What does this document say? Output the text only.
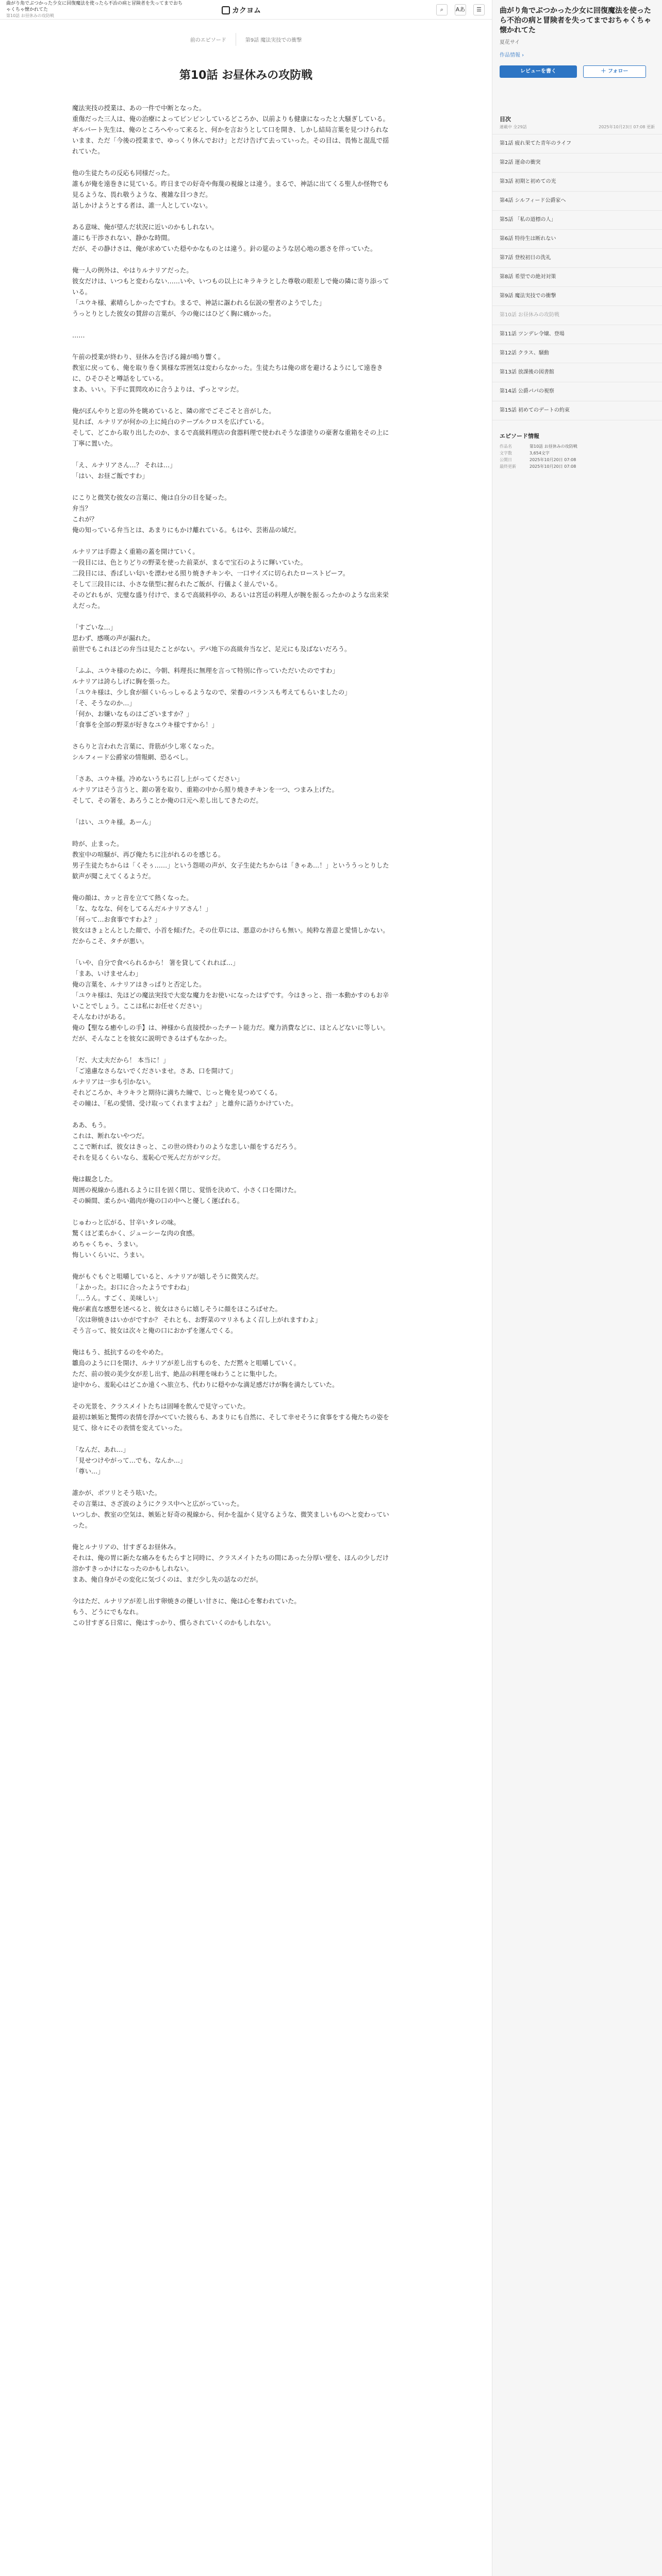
曲がり角でぶつかった少女に回復魔法を使ったら不治の病と冒険者を失ってまでおちゃくちゃ懐かれてた
第10話 お昼休みの攻防戦
カクヨム	⌕	Aあ	☰
前のエピソード	第9話 魔法実技での衝撃
第10話 お昼休みの攻防戦

魔法実技の授業は、あの一件で中断となった。
重傷だった三人は、俺の治療によってピンピンしているどころか、以前よりも健康になったと大騒ぎしている。
ギルバート先生は、俺のところへやって来ると、何かを言おうとして口を開き、しかし結局言葉を見つけられないまま、ただ「今後の授業まで、ゆっくり休んでおけ」とだけ告げて去っていった。その目は、畏怖と混乱で揺れていた。

他の生徒たちの反応も同様だった。
誰もが俺を遠巻きに見ている。昨日までの好奇や侮蔑の視線とは違う。まるで、神話に出てくる聖人か怪物でも見るような、畏れ敬うような、複雑な目つきだ。
話しかけようとする者は、誰一人としていない。

ある意味、俺が望んだ状況に近いのかもしれない。
誰にも干渉されない、静かな時間。
だが、その静けさは、俺が求めていた穏やかなものとは違う。針の筵のような居心地の悪さを伴っていた。

俺一人の例外は、やはりルナリアだった。
彼女だけは、いつもと変わらない……いや、いつもの以上にキラキラとした尊敬の眼差しで俺の隣に寄り添っている。
「ユウキ様、素晴らしかったですわ。まるで、神話に謳われる伝説の聖者のようでした」
うっとりとした彼女の賛辞の言葉が、今の俺にはひどく胸に痛かった。

……

午前の授業が終わり、昼休みを告げる鐘が鳴り響く。
教室に戻っても、俺を取り巻く異様な雰囲気は変わらなかった。生徒たちは俺の席を避けるようにして遠巻きに、ひそひそと噂話をしている。
まあ、いい。下手に質問攻めに合うよりは、ずっとマシだ。

俺がぼんやりと窓の外を眺めていると、隣の席でごそごそと音がした。
見れば、ルナリアが何かの上に純白のテーブルクロスを広げている。
そして、どこから取り出したのか、まるで高級料理店の食器料理で使われそうな漆塗りの豪奢な重箱をその上に丁寧に置いた。

「え、ルナリアさん…？ それは…」
「はい、お昼ご飯ですわ」

にこりと微笑む彼女の言葉に、俺は自分の目を疑った。
弁当？
これが？
俺の知っている弁当とは、あまりにもかけ離れている。もはや、芸術品の域だ。

ルナリアは手際よく重箱の蓋を開けていく。
一段目には、色とりどりの野菜を使った前菜が、まるで宝石のように輝いていた。
二段目には、香ばしい匂いを漂わせる照り焼きチキンや、一口サイズに切られたローストビーフ。
そして三段目には、小さな俵型に握られたご飯が、行儀よく並んでいる。
そのどれもが、完璧な盛り付けで、まるで高級料亭の、あるいは宮廷の料理人が腕を振るったかのような出来栄えだった。

「すごいな…」
思わず、感嘆の声が漏れた。
前世でもこれほどの弁当は見たことがない。デパ地下の高級弁当など、足元にも及ばないだろう。

「ふふ、ユウキ様のために、今朝、料理長に無理を言って特別に作っていただいたのですわ」
ルナリアは誇らしげに胸を張った。
「ユウキ様は、少し食が細くいらっしゃるようなので、栄養のバランスも考えてもらいましたの」
「そ、そうなのか…」
「何か、お嫌いなものはございますか？」
「食事を全部の野菜が好きなユウキ様ですから！」

さらりと言われた言葉に、背筋が少し寒くなった。
シルフィード公爵家の情報網、恐るべし。

「さあ、ユウキ様。冷めないうちに召し上がってください」
ルナリアはそう言うと、銀の箸を取り、重箱の中から照り焼きチキンを一つ、つまみ上げた。
そして、その箸を、あろうことか俺の口元へ差し出してきたのだ。

「はい、ユウキ様。あーん」

時が、止まった。
教室中の喧騒が、再び俺たちに注がれるのを感じる。
男子生徒たちからは「くそぅ……」という怨嗟の声が、女子生徒たちからは「きゃあ…！」といううっとりした歓声が聞こえてくるようだ。

俺の顔は、カッと音を立てて熱くなった。
「な、ななな、何をしてるんだルナリアさん！」
「何って…お食事ですわよ？」
彼女はきょとんとした顔で、小首を傾げた。その仕草には、悪意のかけらも無い。純粋な善意と愛情しかない。
だからこそ、タチが悪い。

「いや、自分で食べられるから！ 箸を貸してくれれば…」
「まあ、いけませんわ」
俺の言葉を、ルナリアはきっぱりと否定した。
「ユウキ様は、先ほどの魔法実技で大変な魔力をお使いになったはずです。今はきっと、指一本動かすのもお辛いことでしょう。ここは私にお任せください」
そんなわけがある。
俺の【聖なる癒やしの手】は、神様から直接授かったチート能力だ。魔力消費などに、ほとんどないに等しい。
だが、そんなことを彼女に説明できるはずもなかった。

「だ、大丈夫だから！ 本当に！」
「ご遠慮なさらないでくださいませ。さあ、口を開けて」
ルナリアは一歩も引かない。
それどころか、キラキラと期待に満ちた瞳で、じっと俺を見つめてくる。
その瞳は、「私の愛情、受け取ってくれますよね？」と雄弁に語りかけていた。

ああ、もう。
これは、断れないやつだ。
ここで断れば、彼女はきっと、この世の終わりのような悲しい顔をするだろう。
それを見るくらいなら、羞恥心で死んだ方がマシだ。

俺は観念した。
周囲の視線から逃れるように目を固く閉じ、覚悟を決めて、小さく口を開けた。
その瞬間、柔らかい鶏肉が俺の口の中へと優しく運ばれる。

じゅわっと広がる、甘辛いタレの味。
驚くほど柔らかく、ジューシーな肉の食感。
めちゃくちゃ、うまい。
悔しいくらいに、うまい。

俺がもぐもぐと咀嚼していると、ルナリアが嬉しそうに微笑んだ。
「よかった。お口に合ったようですわね」
「…うん。すごく、美味しい」
俺が素直な感想を述べると、彼女はさらに嬉しそうに顔をほころばせた。
「次は卵焼きはいかがですか？ それとも、お野菜のマリネもよく召し上がれますわよ」
そう言って、彼女は次々と俺の口におかずを運んでくる。

俺はもう、抵抗するのをやめた。
雛鳥のように口を開け、ルナリアが差し出すものを、ただ黙々と咀嚼していく。
ただ、前の彼の美少女が差し出す、絶品の料理を味わうことに集中した。
途中から、羞恥心はどこか遠くへ旅立ち、代わりに穏やかな満足感だけが胸を満たしていた。

その光景を、クラスメイトたちは固唾を飲んで見守っていた。
最初は嫉妬と驚愕の表情を浮かべていた彼らも、あまりにも自然に、そして幸せそうに食事をする俺たちの姿を見て、徐々にその表情を変えていった。

「なんだ、あれ…」
「見せつけやがって…でも、なんか…」
「尊い…」

誰かが、ポツリとそう呟いた。
その言葉は、さざ波のようにクラス中へと広がっていった。
いつしか、教室の空気は、嫉妬と好奇の視線から、何かを温かく見守るような、微笑ましいものへと変わっていった。

俺とルナリアの、甘すぎるお昼休み。
それは、俺の胃に新たな痛みをもたらすと同時に、クラスメイトたちの間にあった分厚い壁を、ほんの少しだけ溶かすきっかけになったのかもしれない。
まあ、俺自身がその変化に気づくのは、まだ少し先の話なのだが。

今はただ、ルナリアが差し出す卵焼きの優しい甘さに、俺は心を奪われていた。
もう、どうにでもなれ。
この甘すぎる日常に、俺はすっかり、慣らされていくのかもしれない。

曲がり角でぶつかった少女に回復魔法を使ったら不治の病と冒険者を失ってまでおちゃくちゃ懐かれてた
夏花サイ
作品情報 ›
レビューを書く	＋ フォロー
目次
連載中 全29話	2025年10月23日 07:08 更新
第1話 疲れ果てた青年のライフ
第2話 運命の衝突
第3話 初期と初めての光
第4話 シルフィード公爵家へ
第5話 「私の道標の人」
第6話 特待生は断れない
第7話 登校初日の洗礼
第8話 希望での絶対対策
第9話 魔法実技での衝撃
第10話 お昼休みの攻防戦
第11話 ツンデレ令嬢、登場
第12話 クラス、騒動
第13話 放課後の図書館
第14話 公爵パパの視察
第15話 初めてのデートの約束
エピソード情報
作品名	第10話 お昼休みの攻防戦
文字数	3,654文字
公開日	2025年10月20日 07:08
最終更新	2025年10月20日 07:08
